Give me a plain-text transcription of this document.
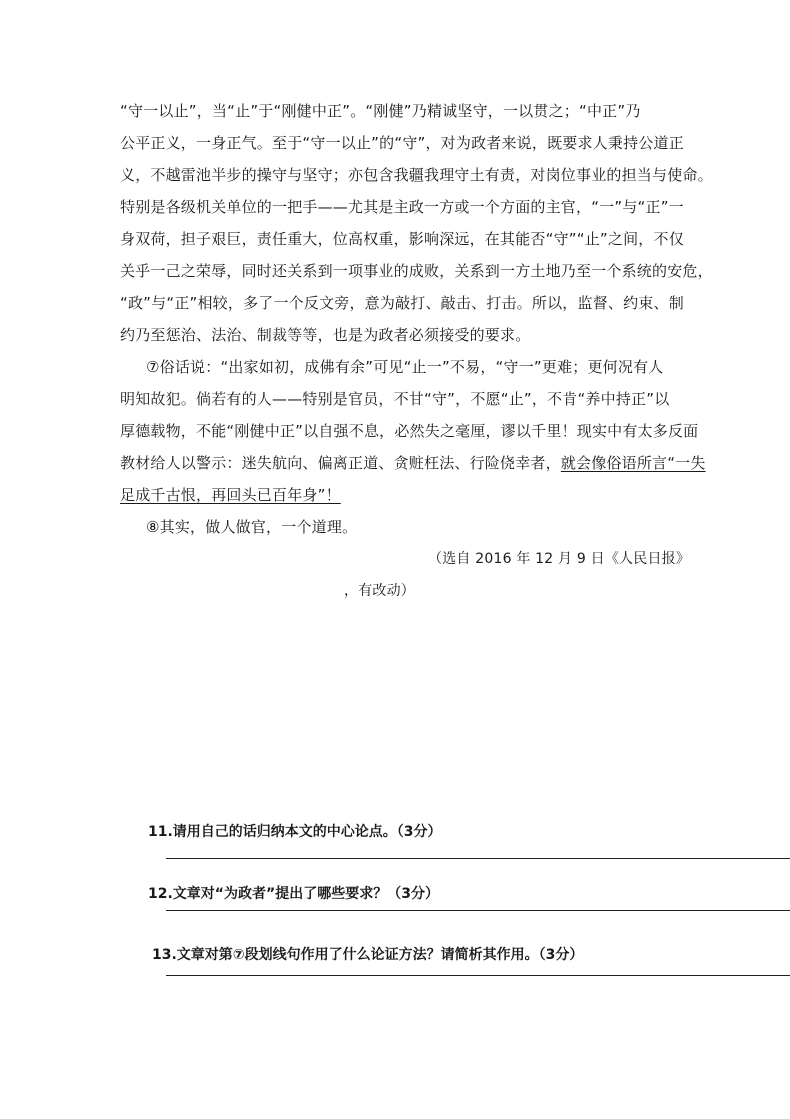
“守一以止”，当“止”于“刚健中正”。“刚健”乃精诚坚守，一以贯之；“中正”乃
公平正义，一身正气。至于“守一以止”的“守”，对为政者来说，既要求人秉持公道正
义，不越雷池半步的操守与坚守；亦包含我疆我理守土有责，对岗位事业的担当与使命。
特别是各级机关单位的一把手——尤其是主政一方或一个方面的主官，“一”与“正”一
身双荷，担子艰巨，责任重大，位高权重，影响深远，在其能否“守”“止”之间，不仅
关乎一己之荣辱，同时还关系到一项事业的成败，关系到一方土地乃至一个系统的安危，
“政”与“正”相较，多了一个反文旁，意为敲打、敲击、打击。所以，监督、约束、制
约乃至惩治、法治、制裁等等，也是为政者必须接受的要求。
⑦俗话说：“出家如初，成佛有余”可见“止一”不易，“守一”更难；更何况有人
明知故犯。倘若有的人——特别是官员，不甘“守”，不愿“止”，不肯“养中持正”以
厚德载物，不能“刚健中正”以自强不息，必然失之毫厘，谬以千里！现实中有太多反面
教材给人以警示：迷失航向、偏离正道、贪赃枉法、行险侥幸者，就会像俗语所言“一失
足成千古恨，再回头已百年身”！
⑧其实，做人做官，一个道理。
（选自 2016 年 12 月 9 日《人民日报》
，有改动）
11.请用自己的话归纳本文的中心论点。（3分）
12.文章对“为政者”提出了哪些要求？（3分）
13.文章对第⑦段划线句作用了什么论证方法？请简析其作用。（3分）
